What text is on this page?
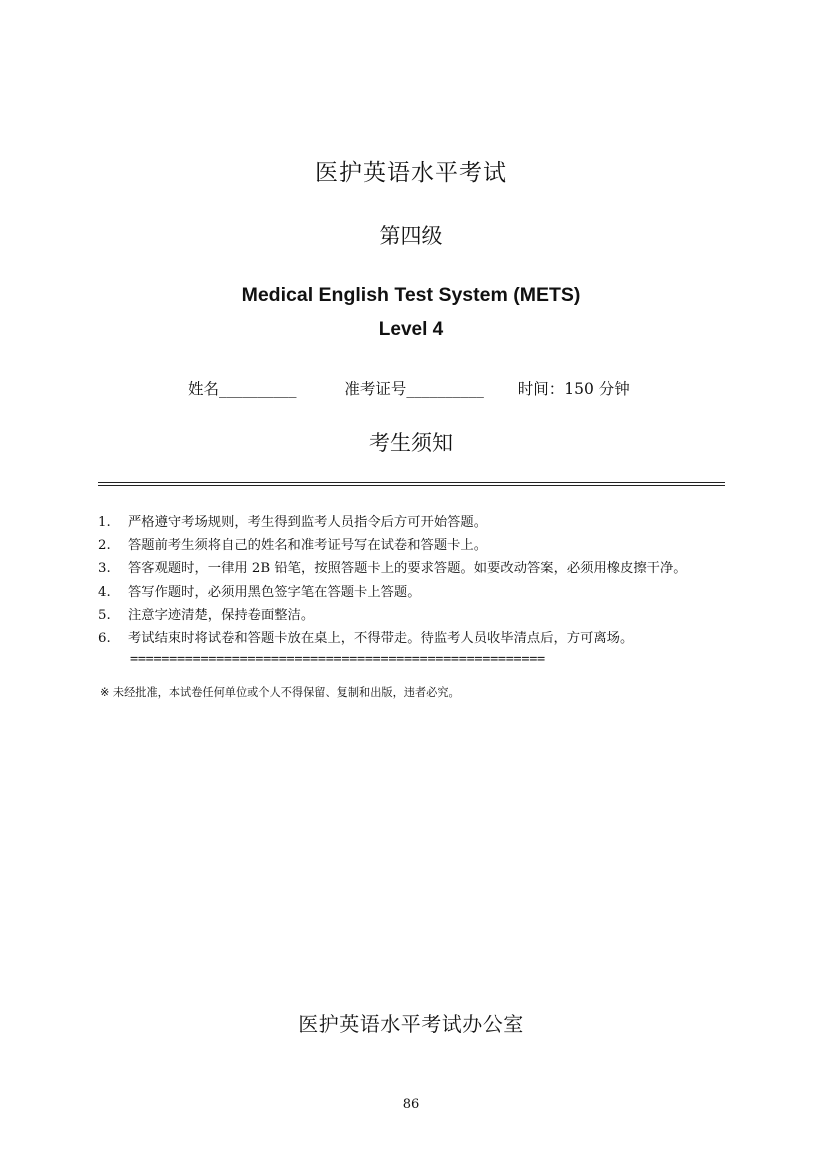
医护英语水平考试
第四级
Medical English Test System (METS)
Level 4
姓名__________	准考证号__________ 时间：150 分钟
考生须知
1. 严格遵守考场规则，考生得到监考人员指令后方可开始答题。
2. 答题前考生须将自己的姓名和准考证号写在试卷和答题卡上。
3. 答客观题时，一律用 2B 铅笔，按照答题卡上的要求答题。如要改动答案，必须用橡皮擦干净。
4. 答写作题时，必须用黑色签字笔在答题卡上答题。
5. 注意字迹清楚，保持卷面整洁。
6. 考试结束时将试卷和答题卡放在桌上，不得带走。待监考人员收毕清点后，方可离场。
=====================================================
※ 未经批准，本试卷任何单位或个人不得保留、复制和出版，违者必究。
医护英语水平考试办公室
86
